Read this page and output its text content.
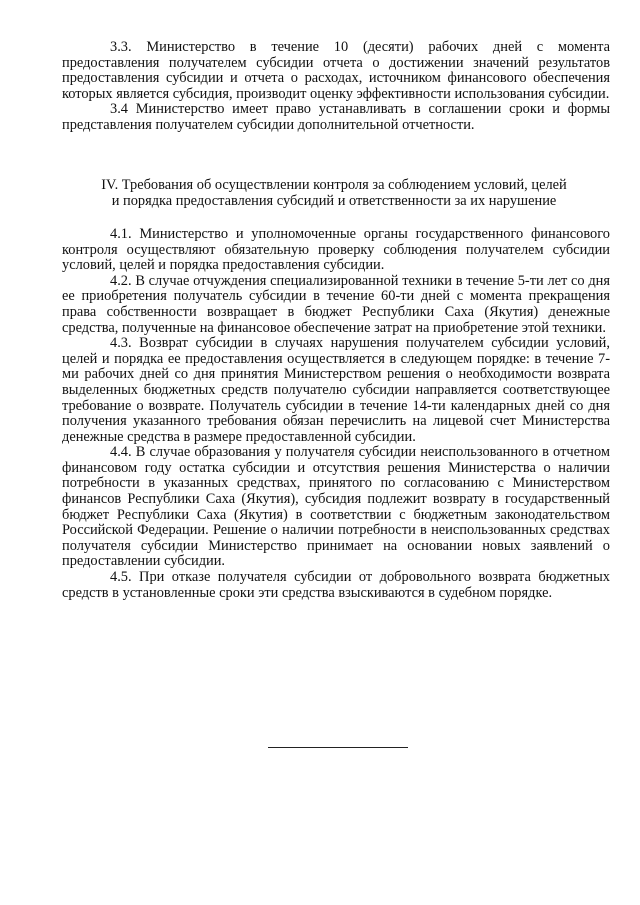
3.3. Министерство в течение 10 (десяти) рабочих дней с момента предоставления получателем субсидии отчета о достижении значений результатов предоставления субсидии и отчета о расходах, источником финансового обеспечения которых является субсидия, производит оценку эффективности использования субсидии.

3.4 Министерство имеет право устанавливать в соглашении сроки и формы представления получателем субсидии дополнительной отчетности.

IV. Требования об осуществлении контроля за соблюдением условий, целей
и порядка предоставления субсидий и ответственности за их нарушение

4.1. Министерство и уполномоченные органы государственного финансового контроля осуществляют обязательную проверку соблюдения получателем субсидии условий, целей и порядка предоставления субсидии.

4.2. В случае отчуждения специализированной техники в течение 5-ти лет со дня ее приобретения получатель субсидии в течение 60-ти дней с момента прекращения права собственности возвращает в бюджет Республики Саха (Якутия) денежные средства, полученные на финансовое обеспечение затрат на приобретение этой техники.

4.3. Возврат субсидии в случаях нарушения получателем субсидии условий, целей и порядка ее предоставления осуществляется в следующем порядке: в течение 7-ми рабочих дней со дня принятия Министерством решения о необходимости возврата выделенных бюджетных средств получателю субсидии направляется соответствующее требование о возврате. Получатель субсидии в течение 14-ти календарных дней со дня получения указанного требования обязан перечислить на лицевой счет Министерства денежные средства в размере предоставленной субсидии.

4.4. В случае образования у получателя субсидии неиспользованного в отчетном финансовом году остатка субсидии и отсутствия решения Министерства о наличии потребности в указанных средствах, принятого по согласованию с Министерством финансов Республики Саха (Якутия), субсидия подлежит возврату в государственный бюджет Республики Саха (Якутия) в соответствии с бюджетным законодательством Российской Федерации. Решение о наличии потребности в неиспользованных средствах получателя субсидии Министерство принимает на основании новых заявлений о предоставлении субсидии.

4.5. При отказе получателя субсидии от добровольного возврата бюджетных средств в установленные сроки эти средства взыскиваются в судебном порядке.
